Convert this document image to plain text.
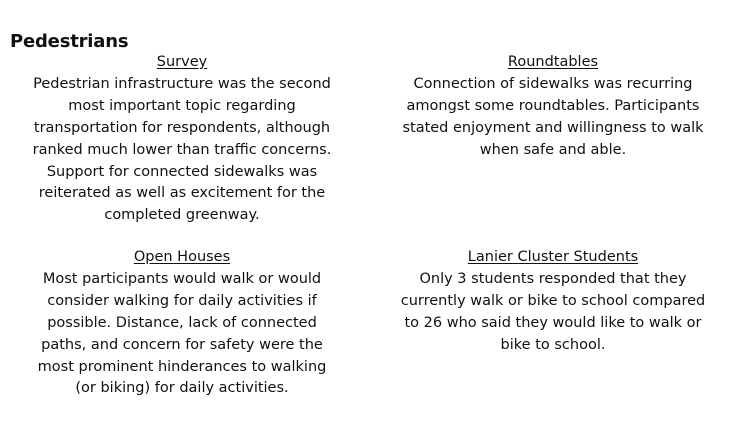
Pedestrians
Survey
Pedestrian infrastructure was the second
most important topic regarding
transportation for respondents, although
ranked much lower than traffic concerns.
Support for connected sidewalks was
reiterated as well as excitement for the
completed greenway.
Roundtables
Connection of sidewalks was recurring
amongst some roundtables. Participants
stated enjoyment and willingness to walk
when safe and able.
Open Houses
Most participants would walk or would
consider walking for daily activities if
possible. Distance, lack of connected
paths, and concern for safety were the
most prominent hinderances to walking
(or biking) for daily activities.
Lanier Cluster Students
Only 3 students responded that they
currently walk or bike to school compared
to 26 who said they would like to walk or
bike to school.
